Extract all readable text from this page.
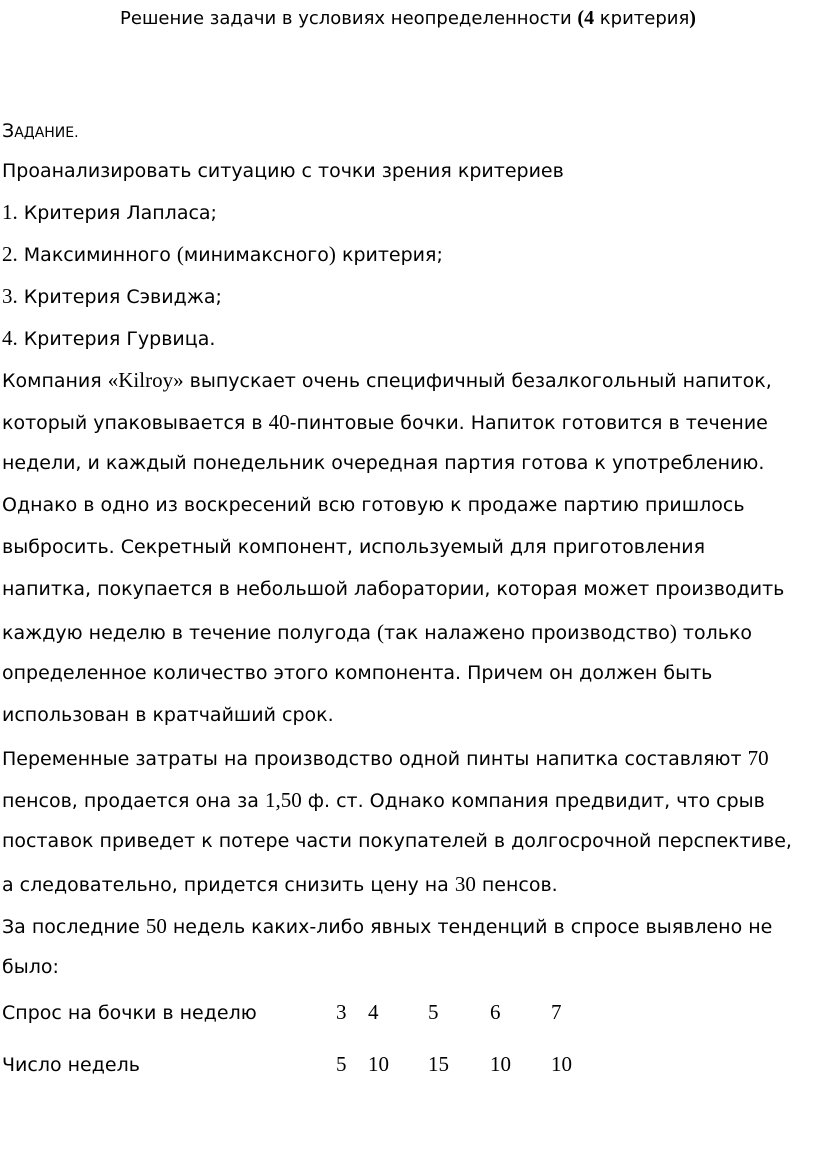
Решение задачи в условиях неопределенности (4 критерия)
ЗАДАНИЕ.
Проанализировать ситуацию с точки зрения критериев
1. Критерия Лапласа;
2. Максиминного (минимаксного) критерия;
3. Критерия Сэвиджа;
4. Критерия Гурвица.
Компания «Kilroy» выпускает очень специфичный безалкогольный напиток,
который упаковывается в 40-пинтовые бочки. Напиток готовится в течение
недели, и каждый понедельник очередная партия готова к употреблению.
Однако в одно из воскресений всю готовую к продаже партию пришлось
выбросить. Секретный компонент, используемый для приготовления
напитка, покупается в небольшой лаборатории, которая может производить
каждую неделю в течение полугода (так налажено производство) только
определенное количество этого компонента. Причем он должен быть
использован в кратчайший срок.
Переменные затраты на производство одной пинты напитка составляют 70
пенсов, продается она за 1,50 ф. ст. Однако компания предвидит, что срыв
поставок приведет к потере части покупателей в долгосрочной перспективе,
а следовательно, придется снизить цену на 30 пенсов.
За последние 50 недель каких-либо явных тенденций в спросе выявлено не
было:
Спрос на бочки в неделю	3 4 5 6 7
Число недель	5 10 15 10 10
